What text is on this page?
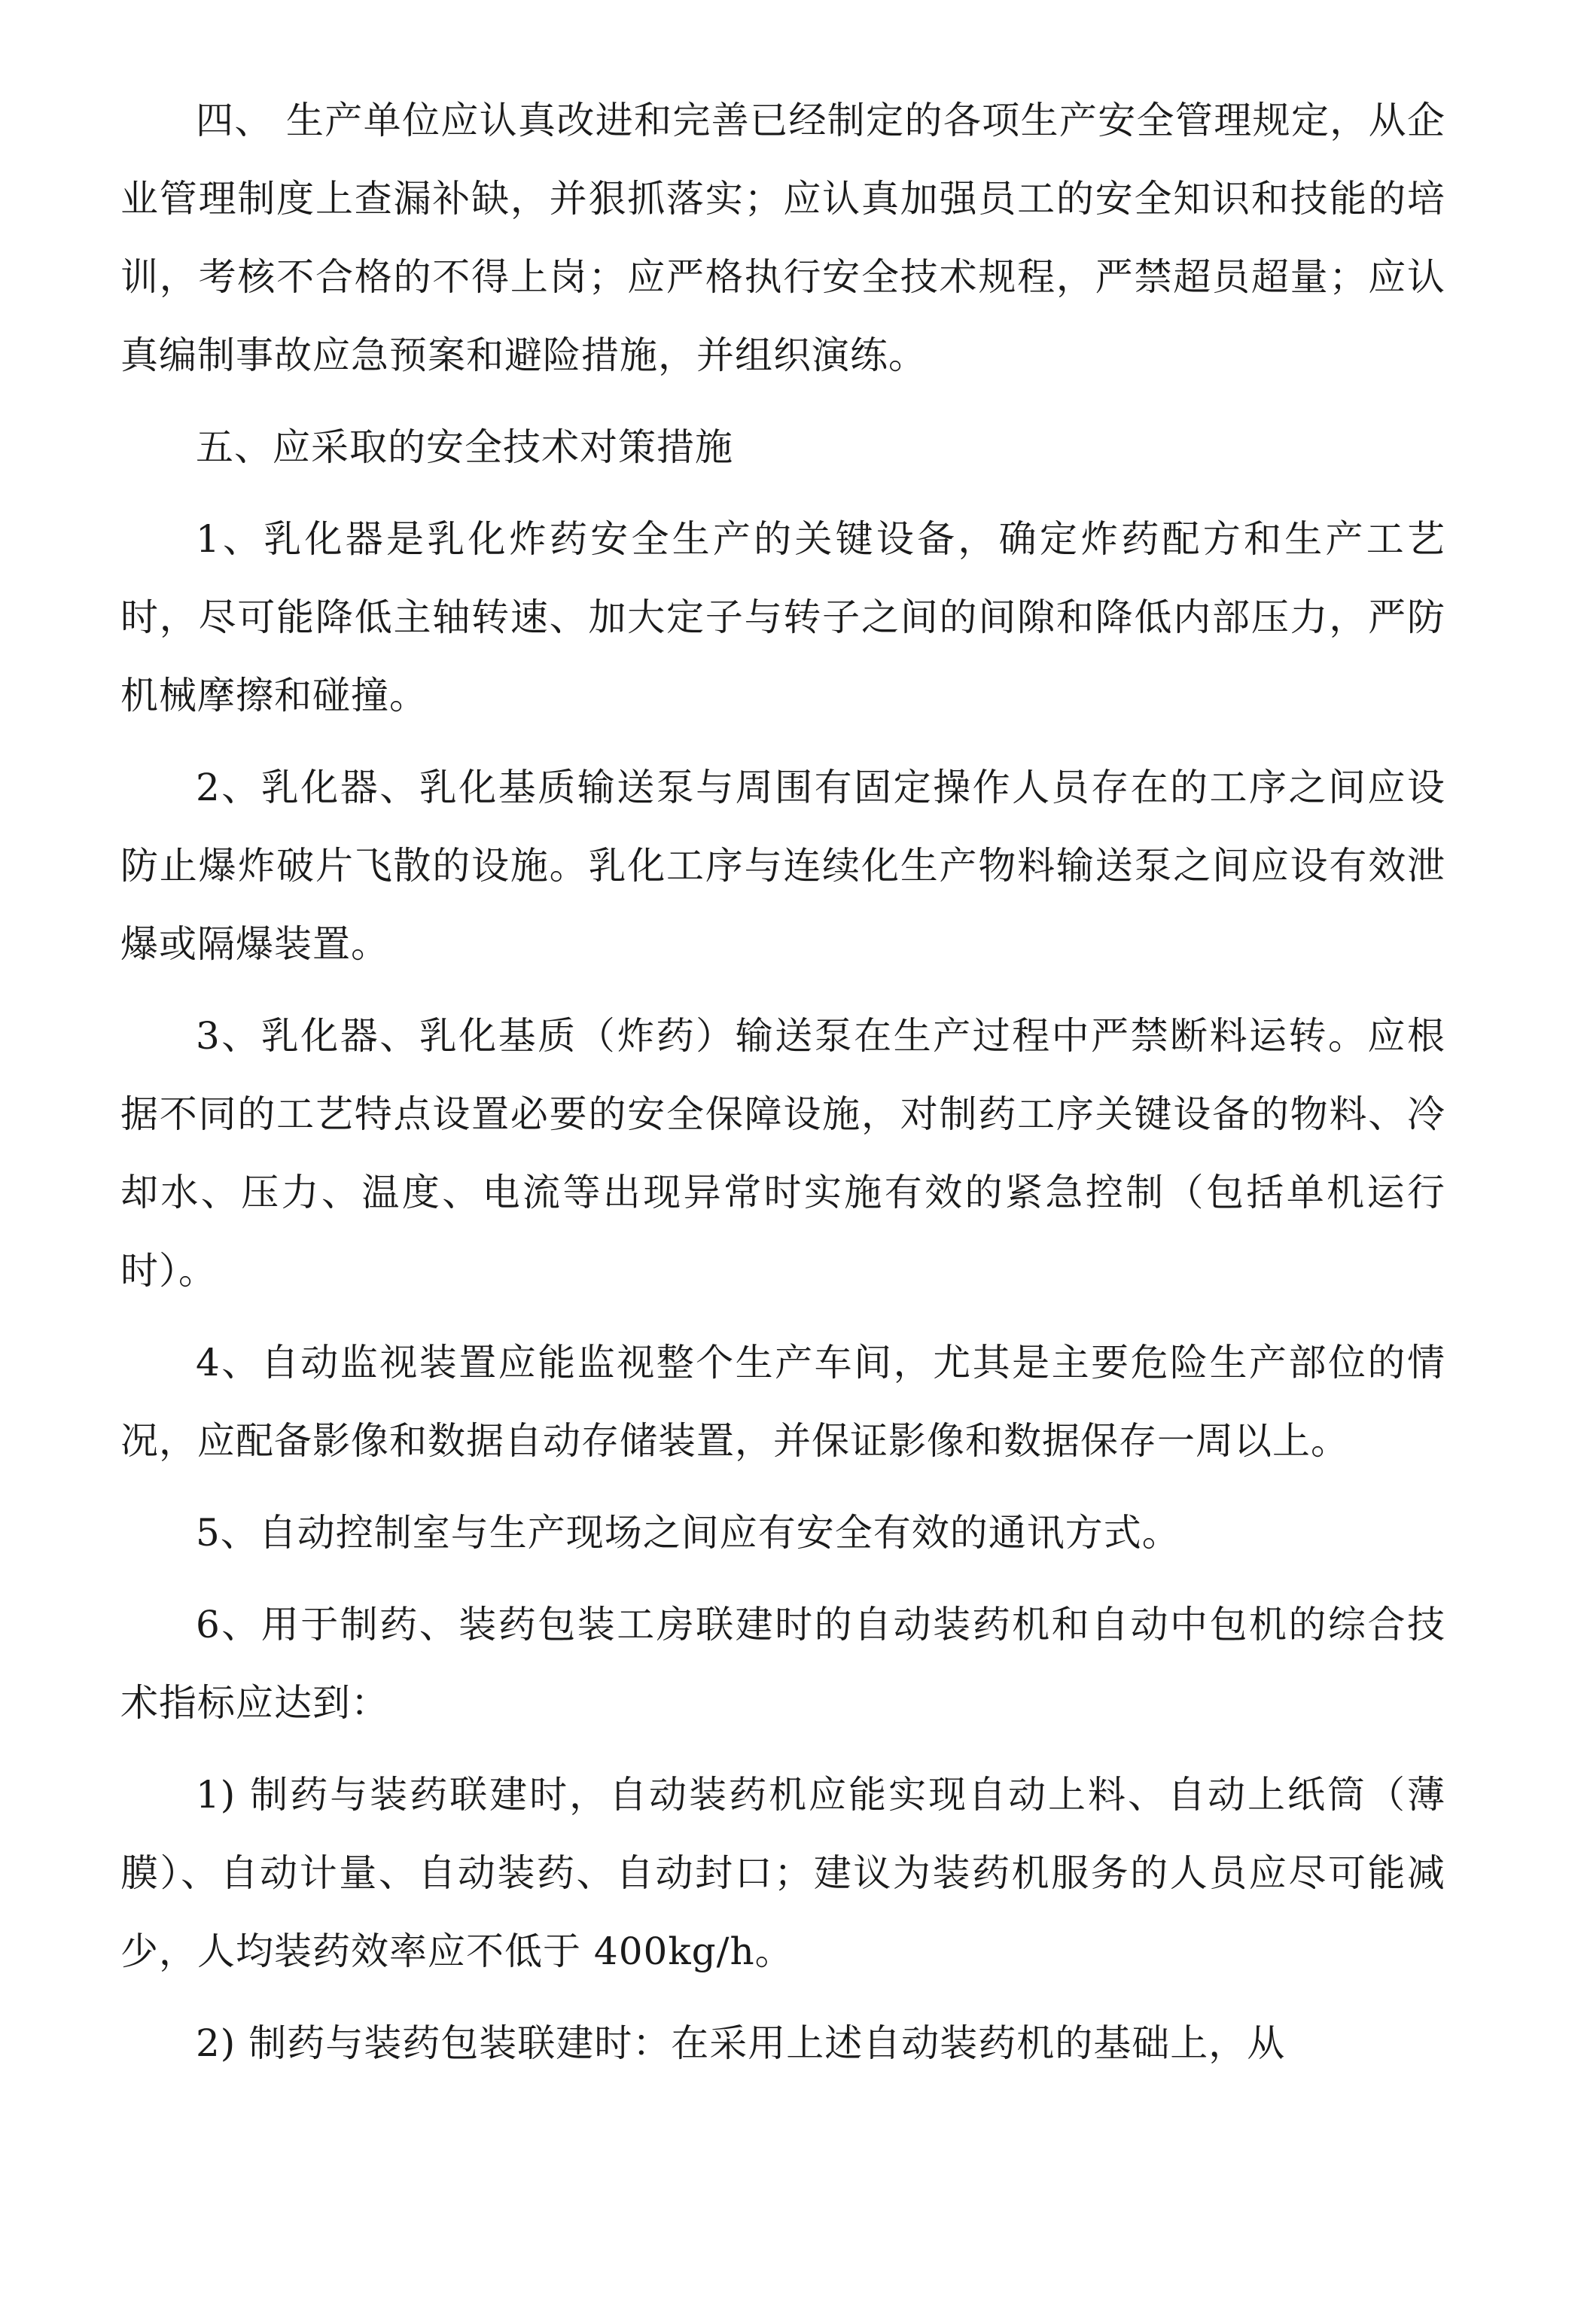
四、 生产单位应认真改进和完善已经制定的各项生产安全管理规定，从企业管理制度上查漏补缺，并狠抓落实；应认真加强员工的安全知识和技能的培训，考核不合格的不得上岗；应严格执行安全技术规程，严禁超员超量；应认真编制事故应急预案和避险措施，并组织演练。

五、应采取的安全技术对策措施

1、乳化器是乳化炸药安全生产的关键设备，确定炸药配方和生产工艺时，尽可能降低主轴转速、加大定子与转子之间的间隙和降低内部压力，严防机械摩擦和碰撞。

2、乳化器、乳化基质输送泵与周围有固定操作人员存在的工序之间应设防止爆炸破片飞散的设施。乳化工序与连续化生产物料输送泵之间应设有效泄爆或隔爆装置。

3、乳化器、乳化基质（炸药）输送泵在生产过程中严禁断料运转。应根据不同的工艺特点设置必要的安全保障设施，对制药工序关键设备的物料、冷却水、压力、温度、电流等出现异常时实施有效的紧急控制（包括单机运行时）。

4、自动监视装置应能监视整个生产车间，尤其是主要危险生产部位的情况，应配备影像和数据自动存储装置，并保证影像和数据保存一周以上。

5、自动控制室与生产现场之间应有安全有效的通讯方式。

6、用于制药、装药包装工房联建时的自动装药机和自动中包机的综合技术指标应达到：

1) 制药与装药联建时，自动装药机应能实现自动上料、自动上纸筒（薄膜）、自动计量、自动装药、自动封口；建议为装药机服务的人员应尽可能减少，人均装药效率应不低于 400kg/h。

2) 制药与装药包装联建时：在采用上述自动装药机的基础上，从
